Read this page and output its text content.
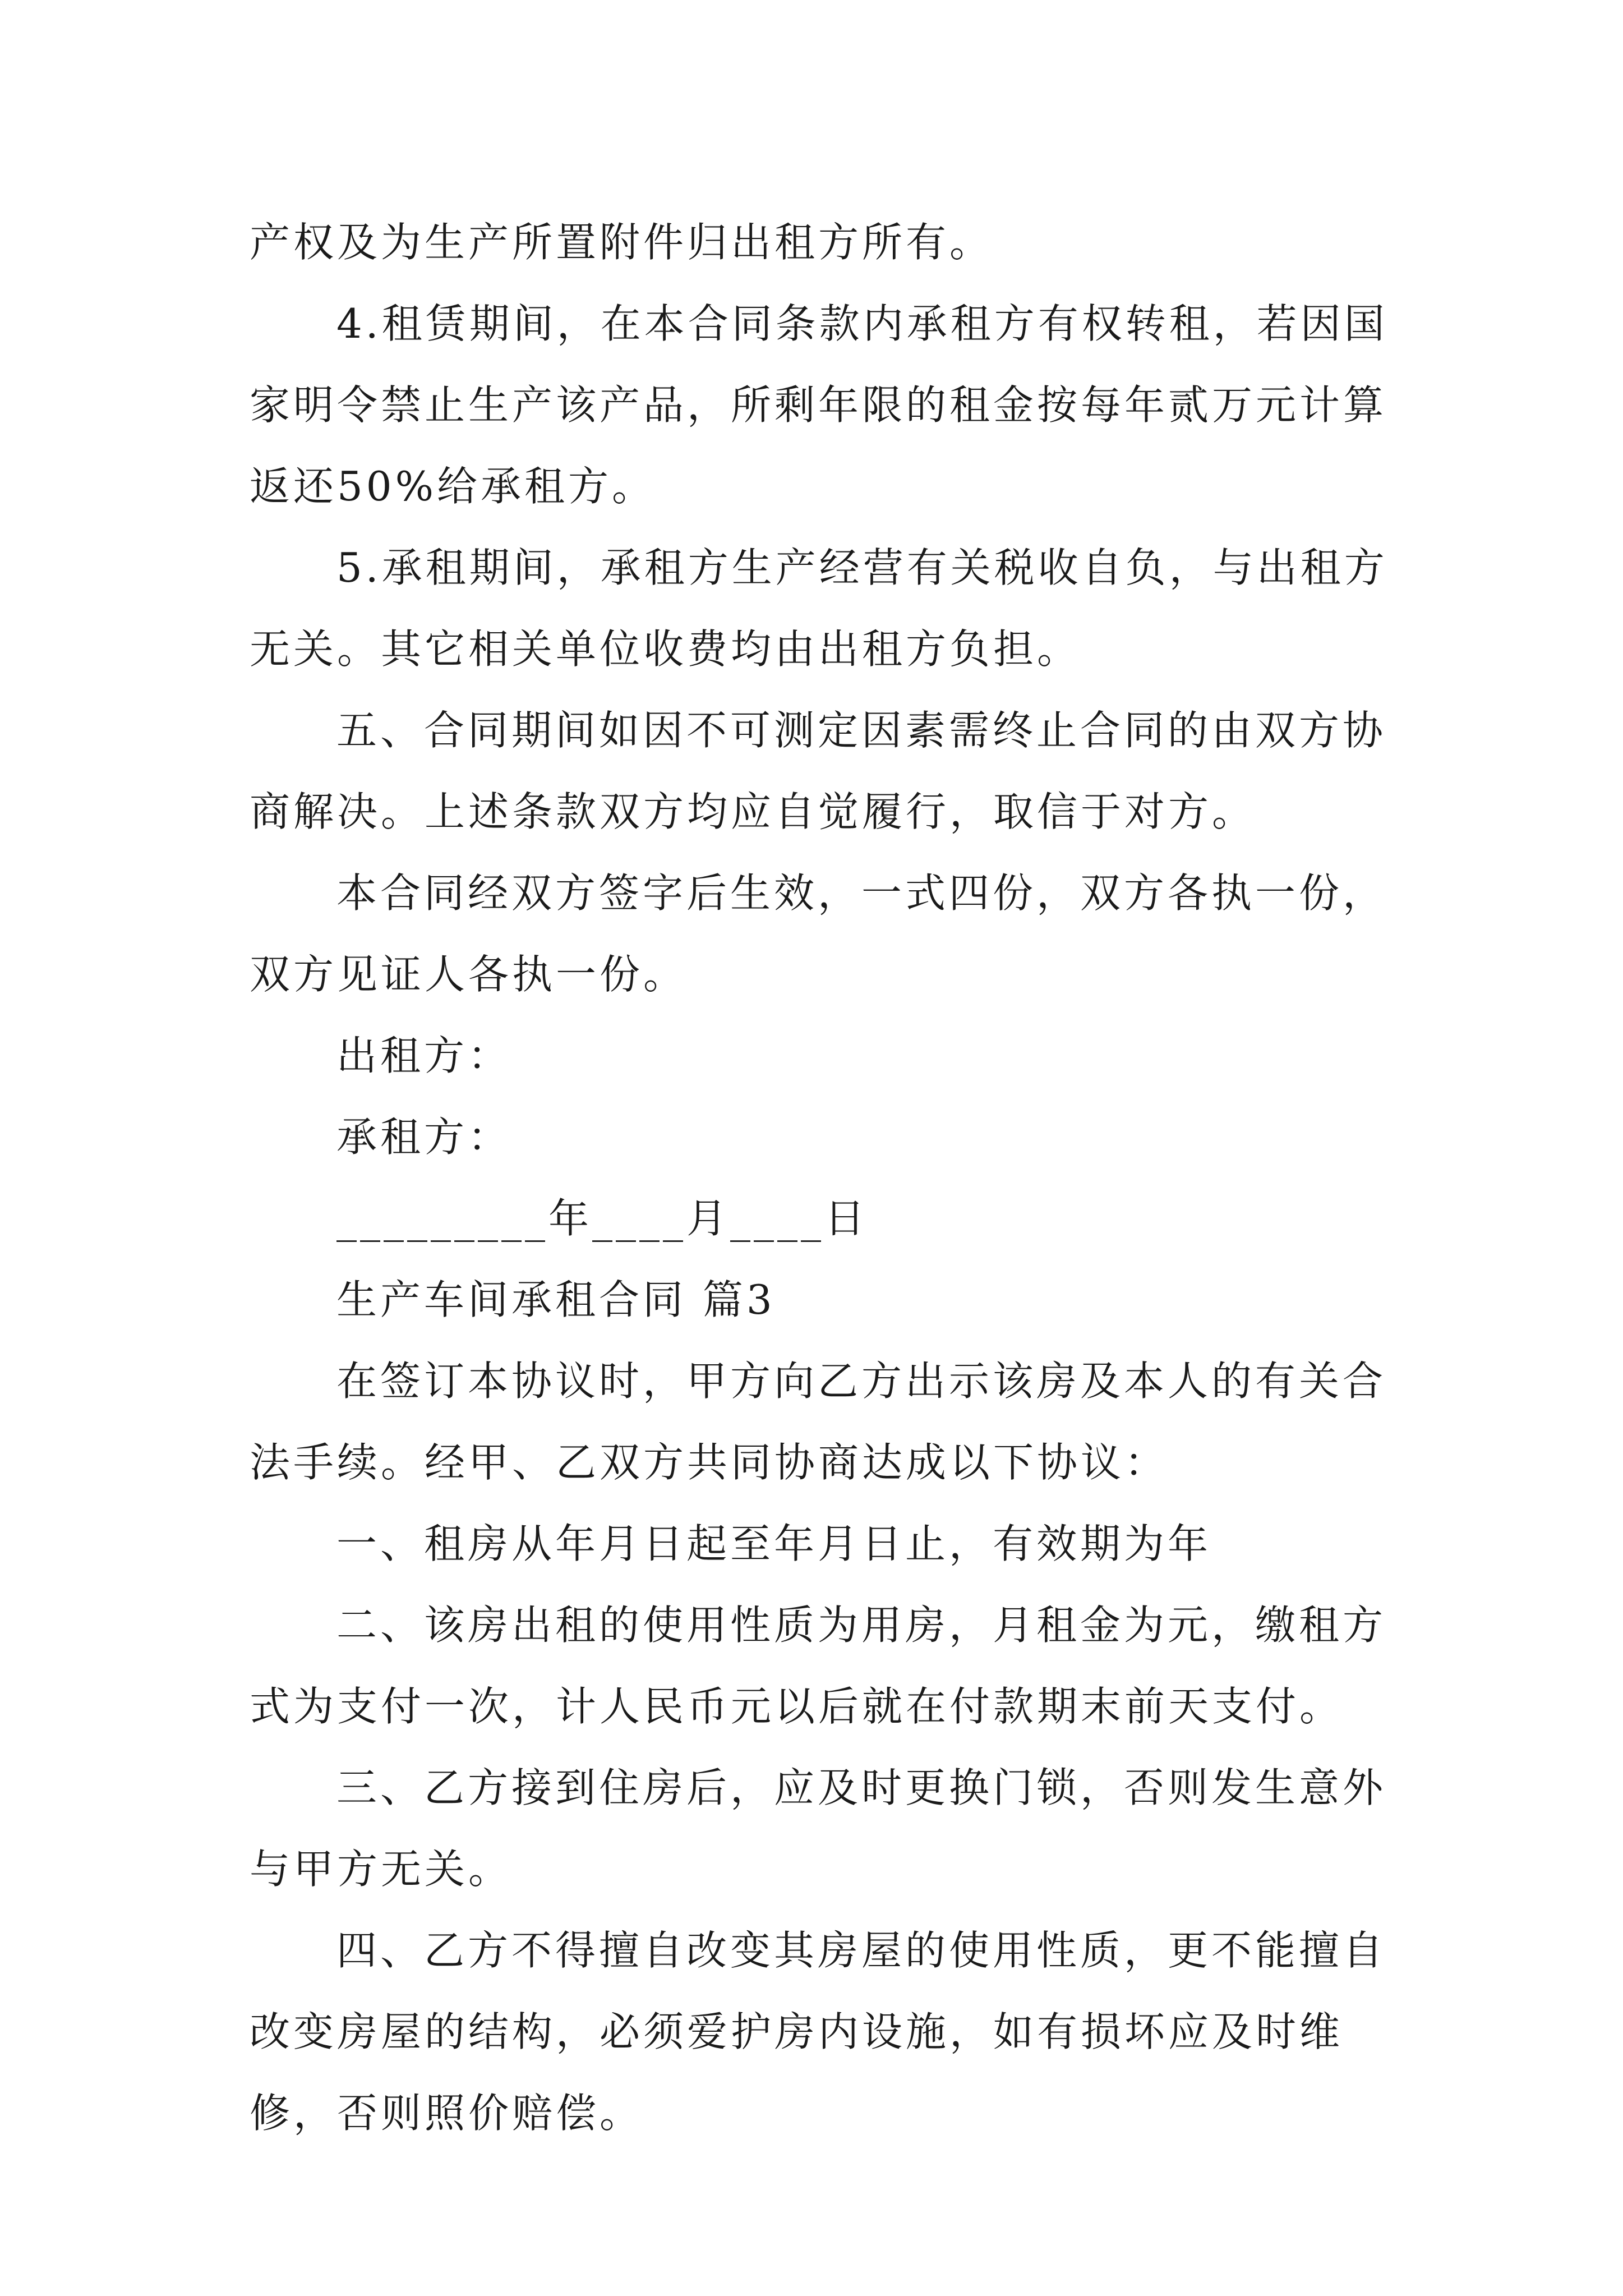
产权及为生产所置附件归出租方所有。

4.租赁期间，在本合同条款内承租方有权转租，若因国家明令禁止生产该产品，所剩年限的租金按每年贰万元计算返还50%给承租方。

5.承租期间，承租方生产经营有关税收自负，与出租方无关。其它相关单位收费均由出租方负担。

五、合同期间如因不可测定因素需终止合同的由双方协商解决。上述条款双方均应自觉履行，取信于对方。

本合同经双方签字后生效，一式四份，双方各执一份，双方见证人各执一份。

出租方：

承租方：

_________年____月____日

生产车间承租合同 篇3

在签订本协议时，甲方向乙方出示该房及本人的有关合法手续。经甲、乙双方共同协商达成以下协议：

一、租房从年月日起至年月日止，有效期为年

二、该房出租的使用性质为用房，月租金为元，缴租方式为支付一次，计人民币元以后就在付款期末前天支付。

三、乙方接到住房后，应及时更换门锁，否则发生意外与甲方无关。

四、乙方不得擅自改变其房屋的使用性质，更不能擅自改变房屋的结构，必须爱护房内设施，如有损坏应及时维修，否则照价赔偿。
